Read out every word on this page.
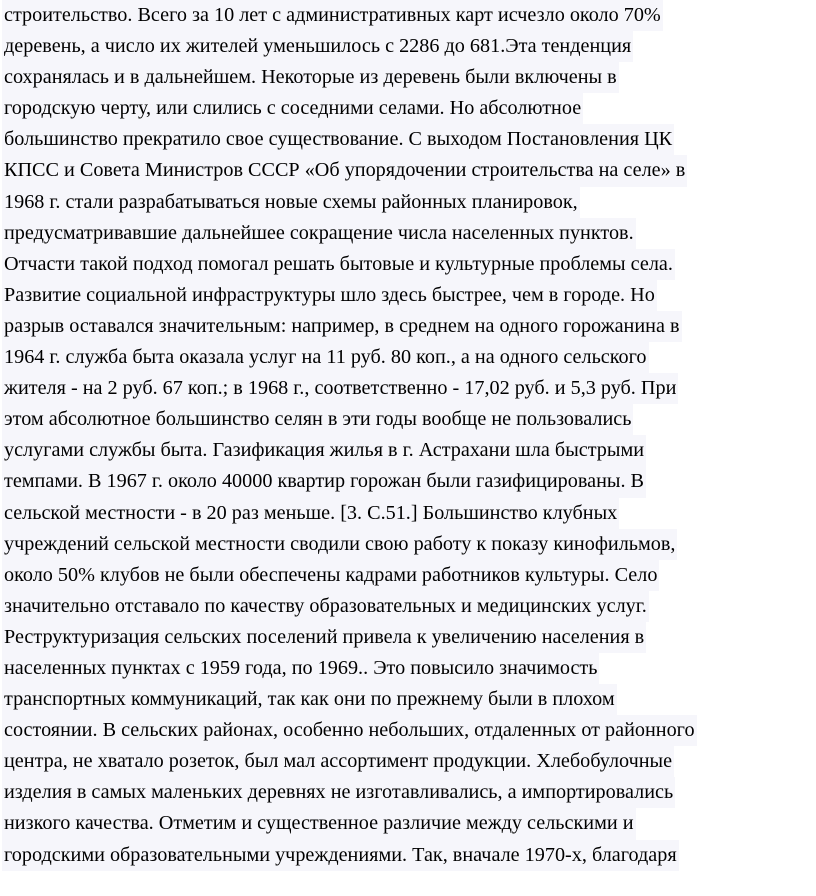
строительство. Всего за 10 лет с административных карт исчезло около 70%
деревень, а число их жителей уменьшилось с 2286 до 681.Эта тенденция
сохранялась и в дальнейшем. Некоторые из деревень были включены в
городскую черту, или слились с соседними селами. Но абсолютное
большинство прекратило свое существование. С выходом Постановления ЦК
КПСС и Совета Министров СССР «Об упорядочении строительства на селе» в
1968 г. стали разрабатываться новые схемы районных планировок,
предусматривавшие дальнейшее сокращение числа населенных пунктов.
Отчасти такой подход помогал решать бытовые и культурные проблемы села.
Развитие социальной инфраструктуры шло здесь быстрее, чем в городе. Но
разрыв оставался значительным: например, в среднем на одного горожанина в
1964 г. служба быта оказала услуг на 11 руб. 80 коп., а на одного сельского
жителя - на 2 руб. 67 коп.; в 1968 г., соответственно - 17,02 руб. и 5,3 руб. При
этом абсолютное большинство селян в эти годы вообще не пользовались
услугами службы быта. Газификация жилья в г. Астрахани шла быстрыми
темпами. В 1967 г. около 40000 квартир горожан были газифицированы. В
сельской местности - в 20 раз меньше. [3. С.51.] Большинство клубных
учреждений сельской местности сводили свою работу к показу кинофильмов,
около 50% клубов не были обеспечены кадрами работников культуры. Село
значительно отставало по качеству образовательных и медицинских услуг.
Реструктуризация сельских поселений привела к увеличению населения в
населенных пунктах с 1959 года, по 1969.. Это повысило значимость
транспортных коммуникаций, так как они по прежнему были в плохом
состоянии. В сельских районах, особенно небольших, отдаленных от районного
центра, не хватало розеток, был мал ассортимент продукции. Хлебобулочные
изделия в самых маленьких деревнях не изготавливались, а импортировались
низкого качества. Отметим и существенное различие между сельскими и
городскими образовательными учреждениями. Так, вначале 1970-х, благодаря
